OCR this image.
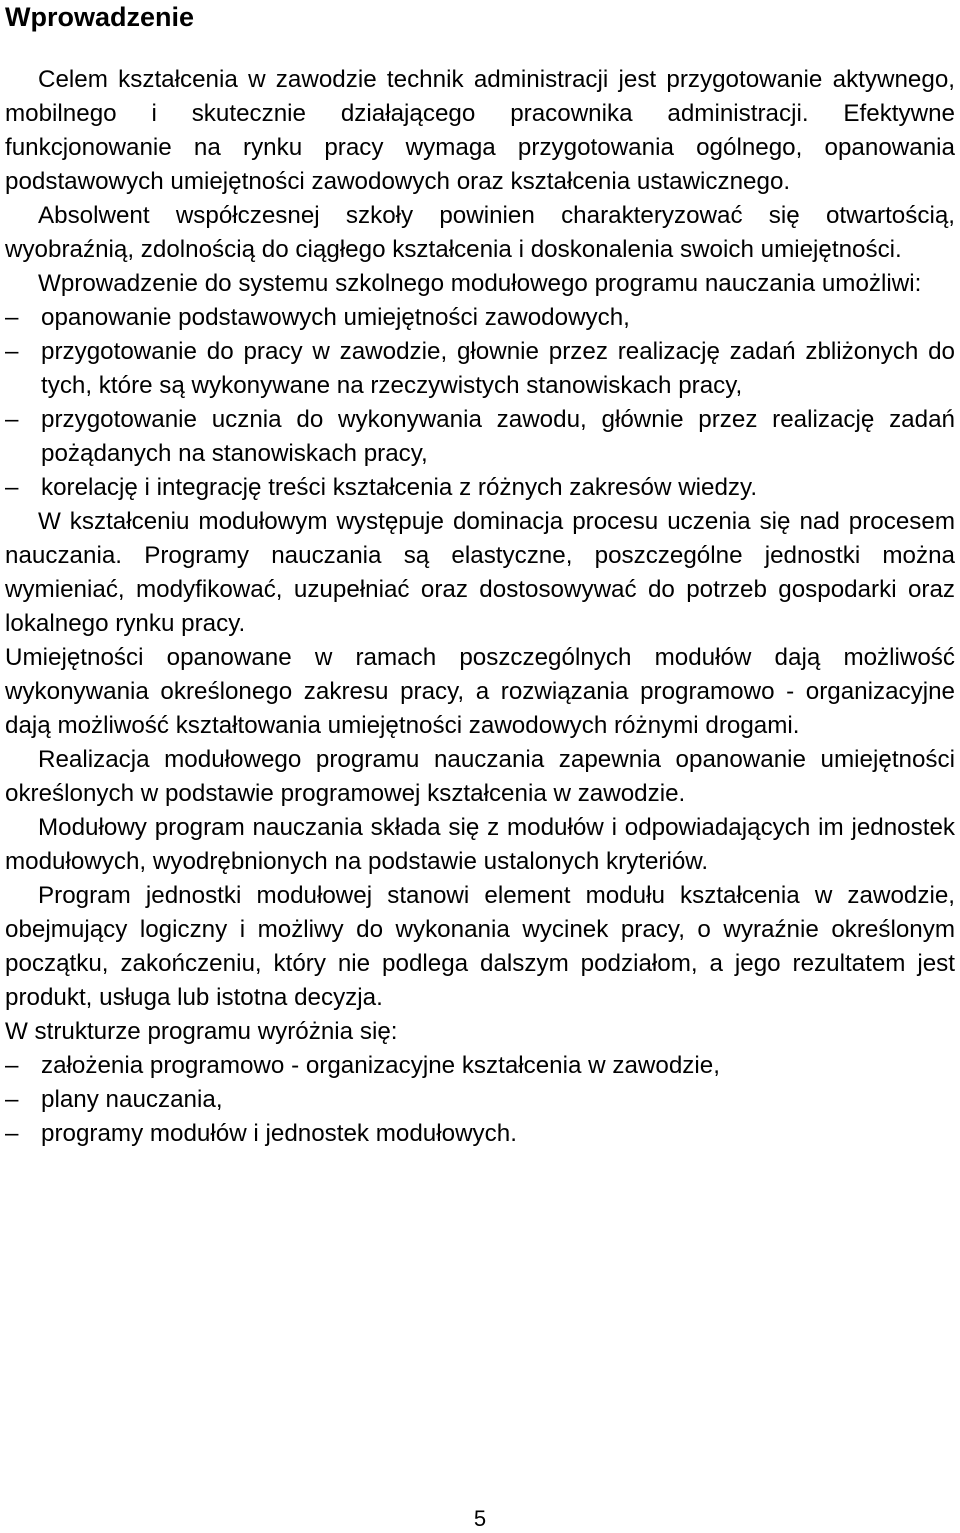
Wprowadzenie

Celem kształcenia w zawodzie technik administracji jest przygotowanie aktywnego, mobilnego i skutecznie działającego pracownika administracji. Efektywne funkcjonowanie na rynku pracy wymaga przygotowania ogólnego, opanowania podstawowych umiejętności zawodowych oraz kształcenia ustawicznego.

Absolwent współczesnej szkoły powinien charakteryzować się otwartością, wyobraźnią, zdolnością do ciągłego kształcenia i doskonalenia swoich umiejętności.

Wprowadzenie do systemu szkolnego modułowego programu nauczania umożliwi:

– opanowanie podstawowych umiejętności zawodowych,
– przygotowanie do pracy w zawodzie, głownie przez realizację zadań zbliżonych do tych, które są wykonywane na rzeczywistych stanowiskach pracy,
– przygotowanie ucznia do wykonywania zawodu, głównie przez realizację zadań pożądanych na stanowiskach pracy,
– korelację i integrację treści kształcenia z różnych zakresów wiedzy.

W kształceniu modułowym występuje dominacja procesu uczenia się nad procesem nauczania. Programy nauczania są elastyczne, poszczególne jednostki można wymieniać, modyfikować, uzupełniać oraz dostosowywać do potrzeb gospodarki oraz lokalnego rynku pracy.

Umiejętności opanowane w ramach poszczególnych modułów dają możliwość wykonywania określonego zakresu pracy, a rozwiązania programowo - organizacyjne dają możliwość kształtowania umiejętności zawodowych różnymi drogami.

Realizacja modułowego programu nauczania zapewnia opanowanie umiejętności określonych w podstawie programowej kształcenia w zawodzie.

Modułowy program nauczania składa się z modułów i odpowiadających im jednostek modułowych, wyodrębnionych na podstawie ustalonych kryteriów.

Program jednostki modułowej stanowi element modułu kształcenia w zawodzie, obejmujący logiczny i możliwy do wykonania wycinek pracy, o wyraźnie określonym początku, zakończeniu, który nie podlega dalszym podziałom, a jego rezultatem jest produkt, usługa lub istotna decyzja.

W strukturze programu wyróżnia się:

– założenia programowo - organizacyjne kształcenia w zawodzie,
– plany nauczania,
– programy modułów i jednostek modułowych.
5
